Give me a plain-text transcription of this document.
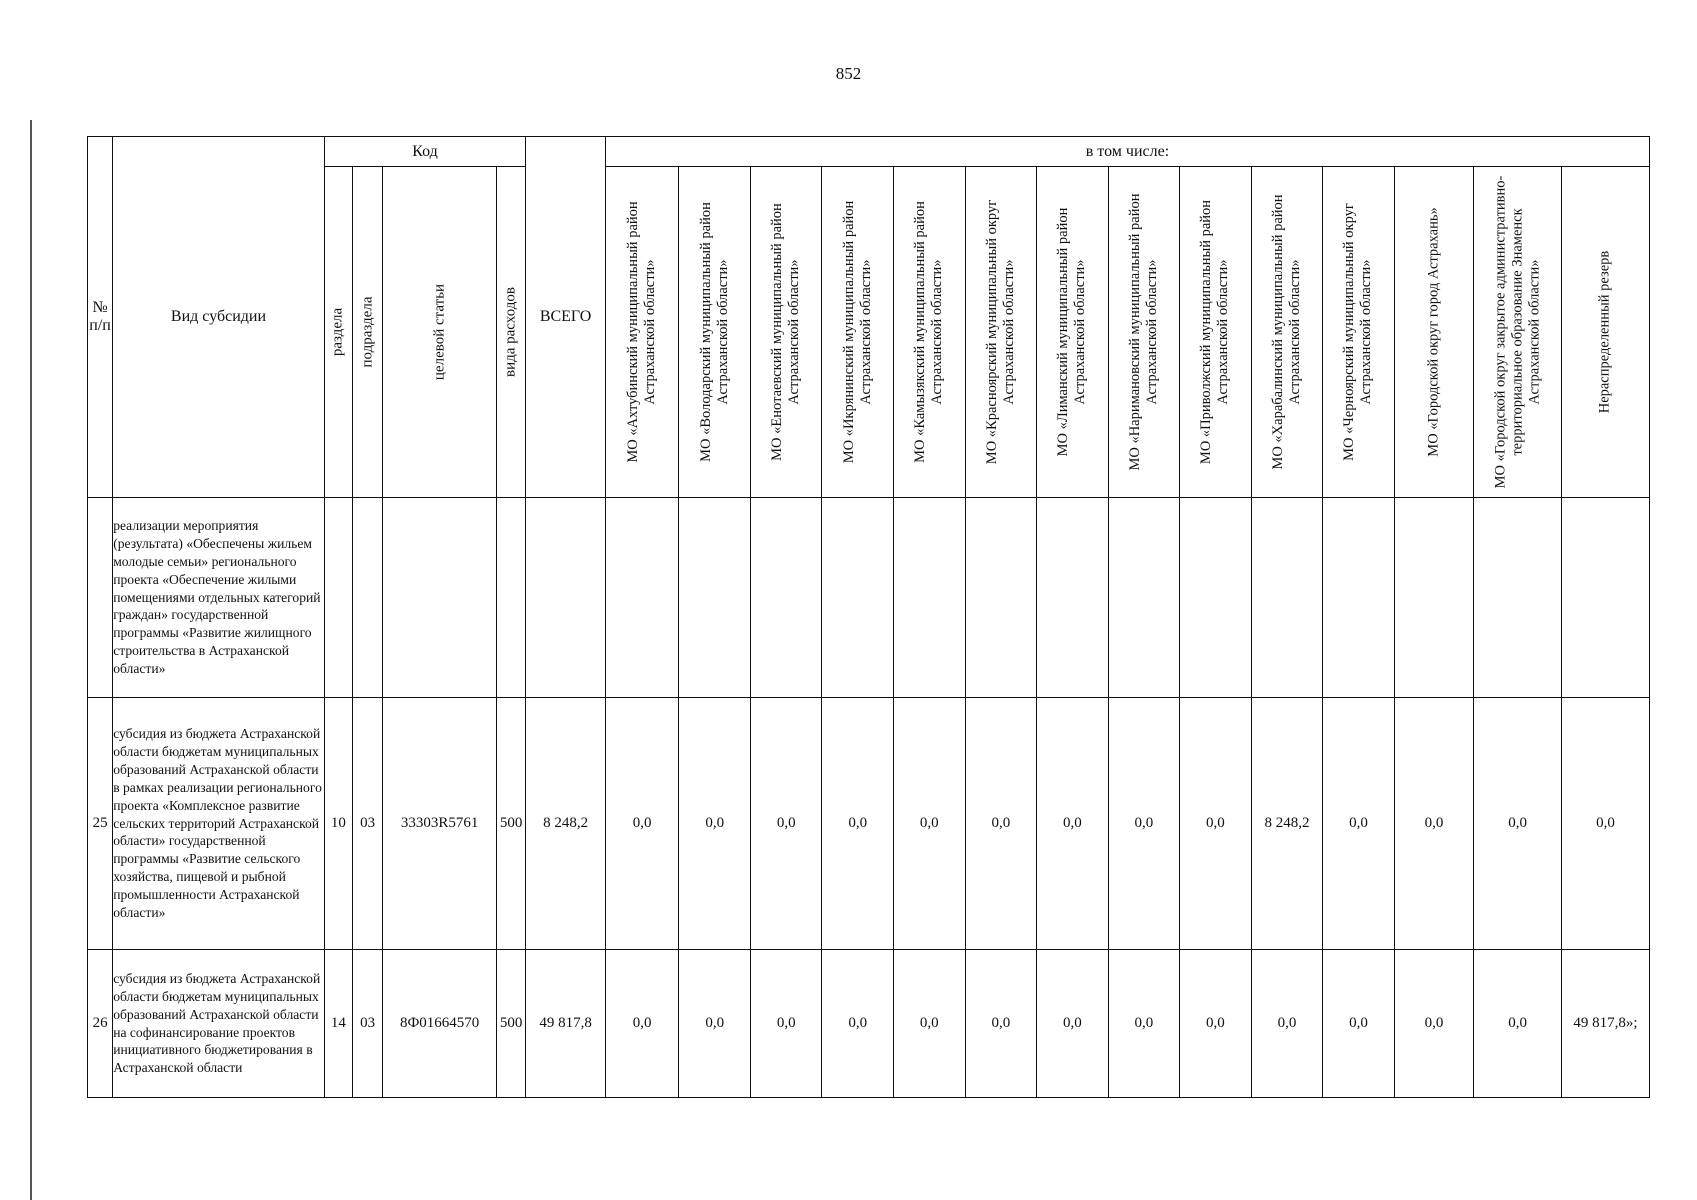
852
№ п/п	Вид субсидии	Код				ВСЕГО	в том числе:													

		раздела	подраздела	целевой статьи	вида расходов		МО «Ахтубинский муниципальный район Астраханской области»	МО «Володарский муниципальный район Астраханской области»	МО «Енотаевский муниципальный район Астраханской области»	МО «Икрянинский муниципальный район Астраханской области»	МО «Камызякский муниципальный район Астраханской области»	МО «Красноярский муниципальный округ Астраханской области»	МО «Лиманский муниципальный район Астраханской области»	МО «Наримановский муниципальный район Астраханской области»	МО «Приволжский муниципальный район Астраханской области»	МО «Харабалинский муниципальный район Астраханской области»	МО «Черноярский муниципальный округ Астраханской области»	МО «Городской округ город Астрахань»	МО «Городской округ закрытое административно-территориальное образование Знаменск Астраханской области»	Нераспределенный резерв

	реализации мероприятия (результата) «Обеспечены жильем молодые семьи» регионального проекта «Обеспечение жилыми помещениями отдельных категорий граждан» государственной программы «Развитие жилищного строительства в Астраханской области»																			
25	субсидия из бюджета Астраханской области бюджетам муниципальных образований Астраханской области в рамках реализации регионального проекта «Комплексное развитие сельских территорий Астраханской области» государственной программы «Развитие сельского хозяйства, пищевой и рыбной промышленности Астраханской области»	10	03	33303R5761	500	8 248,2	0,0	0,0	0,0	0,0	0,0	0,0	0,0	0,0	0,0	8 248,2	0,0	0,0	0,0	0,0
26	субсидия из бюджета Астраханской области бюджетам муниципальных образований Астраханской области на софинансирование проектов инициативного бюджетирования в Астраханской области	14	03	8Ф01664570	500	49 817,8	0,0	0,0	0,0	0,0	0,0	0,0	0,0	0,0	0,0	0,0	0,0	0,0	0,0	49 817,8»;
